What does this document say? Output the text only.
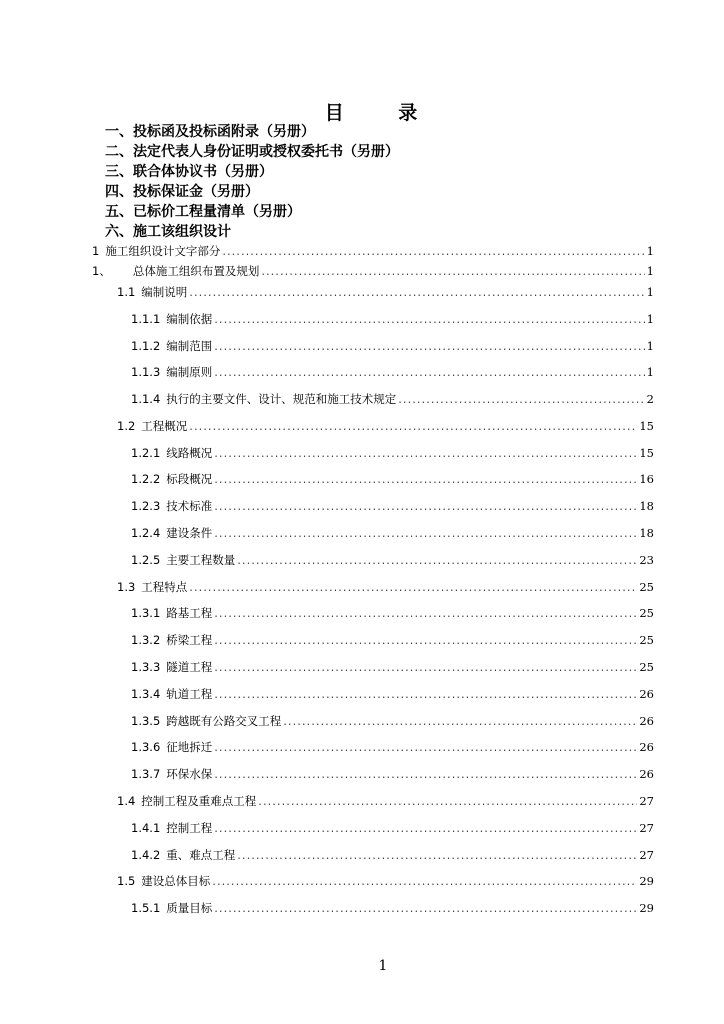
目 录
一、投标函及投标函附录（另册）
二、法定代表人身份证明或授权委托书（另册）
三、联合体协议书（另册）
四、投标保证金（另册）
五、已标价工程量清单（另册）
六、施工该组织设计
1 施工组织设计文字部分 .....	1
1、	总体施工组织布置及规划 .....	1
1.1 编制说明 .....	1
1.1.1 编制依据 .....	1
1.1.2 编制范围 .....	1
1.1.3 编制原则 .....	1
1.1.4 执行的主要文件、设计、规范和施工技术规定 .....	2
1.2 工程概况 .....	15
1.2.1 线路概况 .....	15
1.2.2 标段概况 .....	16
1.2.3 技术标准 .....	18
1.2.4 建设条件 .....	18
1.2.5 主要工程数量 .....	23
1.3 工程特点 .....	25
1.3.1 路基工程 .....	25
1.3.2 桥梁工程 .....	25
1.3.3 隧道工程 .....	25
1.3.4 轨道工程 .....	26
1.3.5 跨越既有公路交叉工程 .....	26
1.3.6 征地拆迁 .....	26
1.3.7 环保水保 .....	26
1.4 控制工程及重难点工程 .....	27
1.4.1 控制工程 .....	27
1.4.2 重、难点工程 .....	27
1.5 建设总体目标 .....	29
1.5.1 质量目标 .....	29
1
